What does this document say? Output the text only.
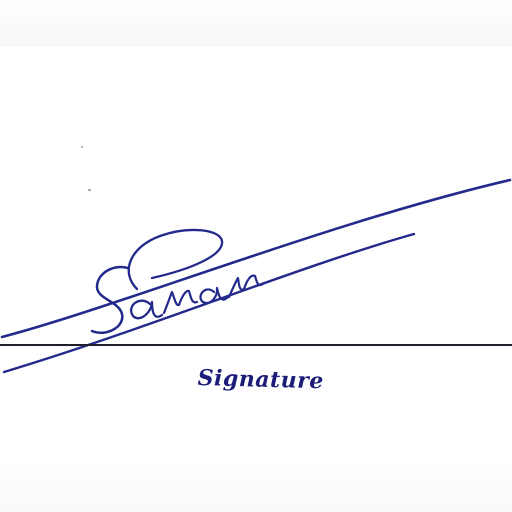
Signature
